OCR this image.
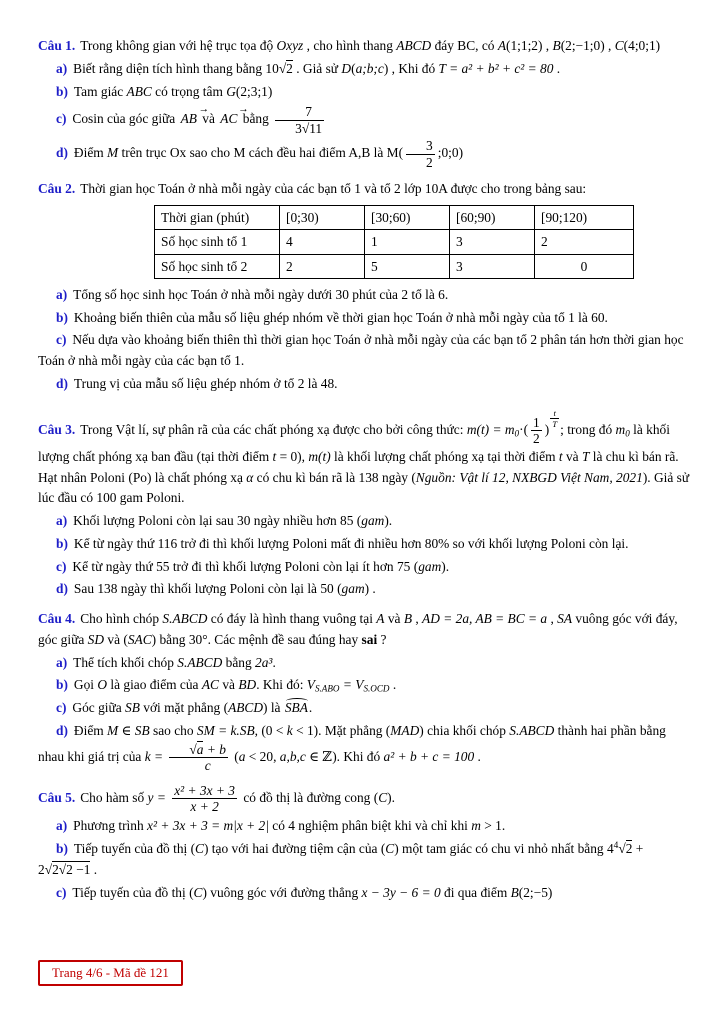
Câu 1. Trong không gian với hệ trục tọa độ Oxyz , cho hình thang ABCD đáy BC, có A(1;1;2) , B(2;−1;0) , C(4;0;1)

a) Biết rằng diện tích hình thang bằng 10√2 . Giả sử D(a;b;c) , Khi đó T = a² + b² + c² = 80 .

b) Tam giác ABC có trọng tâm G(2;3;1)

c) Cosin của góc giữa AB → và AC → bằng $\frac{7}{3√11}$

d) Điểm M trên trục Ox sao cho M cách đều hai điểm A,B là $M( \frac{3}{2}$ ;0;0)

Câu 2. Thời gian học Toán ở nhà mỗi ngày của các bạn tổ 1 và tổ 2 lớp 10A được cho trong bảng sau:

Thời gian (phút)	[0;30)	[30;60)	[60;90)	[90;120)
Số học sinh tổ 1	4	1	3	2
Số học sinh tổ 2	2	5	3	0

a) Tổng số học sinh học Toán ở nhà mỗi ngày dưới 30 phút của 2 tổ là 6.

b) Khoảng biến thiên của mẫu số liệu ghép nhóm về thời gian học Toán ở nhà mỗi ngày của tổ 1 là 60.

c) Nếu dựa vào khoảng biến thiên thì thời gian học Toán ở nhà mỗi ngày của các bạn tổ 2 phân tán hơn thời gian học Toán ở nhà mỗi ngày của các bạn tổ 1.

d) Trung vị của mẫu số liệu ghép nhóm ở tổ 2 là 48.

Câu 3. Trong Vật lí, sự phân rã của các chất phóng xạ được cho bởi công thức: $m(t) = m_0\cdot( \frac{1}{2}$ )
$\frac{t}{T}$
; trong đó $m_0$ là khối lượng chất phóng xạ ban đầu (tại thời điểm t = 0), m(t) là khối lượng chất phóng xạ tại thời điểm t và T là chu kì bán rã. Hạt nhân Poloni (Po) là chất phóng xạ α có chu kì bán rã là 138 ngày (Nguồn: Vật lí 12, NXBGD Việt Nam, 2021). Giả sử lúc đầu có 100 gam Poloni.

a) Khối lượng Poloni còn lại sau 30 ngày nhiều hơn 85 (gam).

b) Kể từ ngày thứ 116 trở đi thì khối lượng Poloni mất đi nhiều hơn 80% so với khối lượng Poloni còn lại.

c) Kể từ ngày thứ 55 trở đi thì khối lượng Poloni còn lại ít hơn 75 (gam).

d) Sau 138 ngày thì khối lượng Poloni còn lại là 50 (gam) .

Câu 4. Cho hình chóp S.ABCD có đáy là hình thang vuông tại A và B , AD = 2a, AB = BC = a , SA vuông góc với đáy, góc giữa SD và (SAC) bằng 30°. Các mệnh đề sau đúng hay sai ?

a) Thể tích khối chóp S.ABCD bằng 2a³.

b) Gọi O là giao điểm của AC và BD. Khi đó: $V_{S.ABO} = V_{S.OCD}$ .

c) Góc giữa SB với mặt phẳng (ABCD) là SBA.

d) Điểm M ∈ SB sao cho SM = k.SB, (0 < k < 1). Mặt phẳng (MAD) chia khối chóp S.ABCD thành hai phần bằng nhau khi giá trị của $k = \frac{√a + b}{c} (a < 20$, a,b,c ∈ ℤ). Khi đó a² + b + c = 100 .

Câu 5. Cho hàm số $y = \frac{\text{x² + 3x + 3}}{x + 2}$ có đồ thị là đường cong (C).

a) Phương trình x² + 3x + 3 = m|x + 2| có 4 nghiệm phân biệt khi và chỉ khi m > 1.

b) Tiếp tuyến của đồ thị (C) tạo với hai đường tiệm cận của (C) một tam giác có chu vi nhỏ nhất bằng $4^4√2 + 2√2√2 -1$ .

c) Tiếp tuyến của đồ thị (C) vuông góc với đường thẳng x − 3y − 6 = 0 đi qua điểm B(2;−5)

Trang 4/6 - Mã đề 121
